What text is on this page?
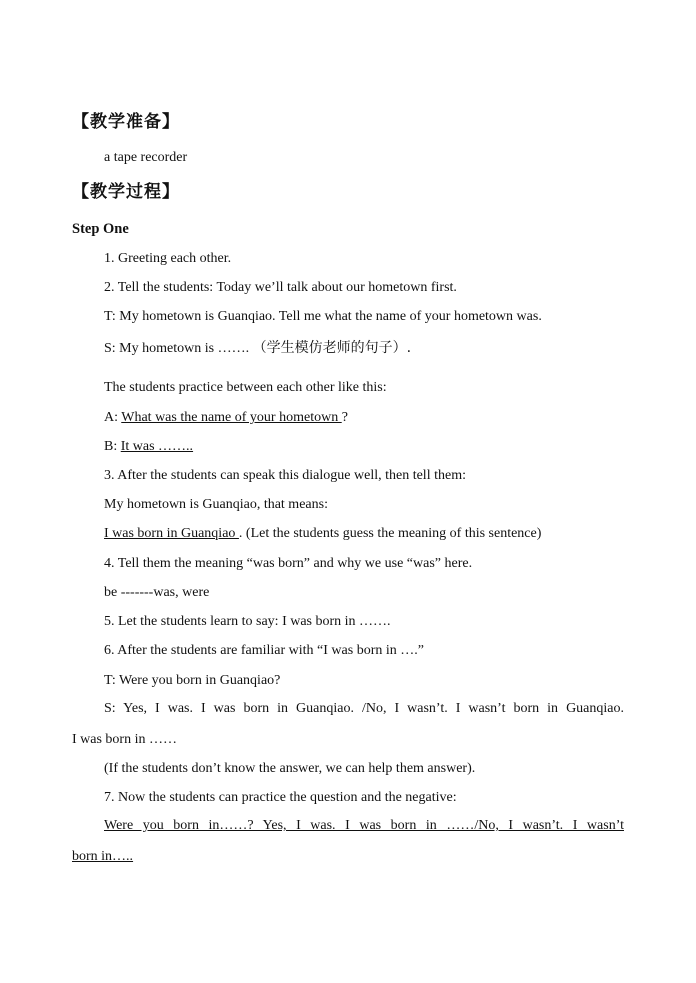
【教学准备】
a tape recorder
【教学过程】
Step One
1. Greeting each other.
2. Tell the students: Today we’ll talk about our hometown first.
T: My hometown is Guanqiao. Tell me what the name of your hometown was.
S: My hometown is ……. （学生模仿老师的句子）.
The students practice between each other like this:
A: What was the name of your hometown ?
B: It was ……..
3. After the students can speak this dialogue well, then tell them:
My hometown is Guanqiao, that means:
I was born in Guanqiao . (Let the students guess the meaning of this sentence)
4. Tell them the meaning “was born” and why we use “was” here.
be -------was, were
5. Let the students learn to say: I was born in …….
6. After the students are familiar with “I was born in ….”
T: Were you born in Guanqiao?
S: Yes, I was. I was born in Guanqiao. /No, I wasn’t. I wasn’t born in Guanqiao.
I was born in ……
(If the students don’t know the answer, we can help them answer).
7. Now the students can practice the question and the negative:
Were you born in……? Yes, I was. I was born in ……/No, I wasn’t. I wasn’t
born in…..
